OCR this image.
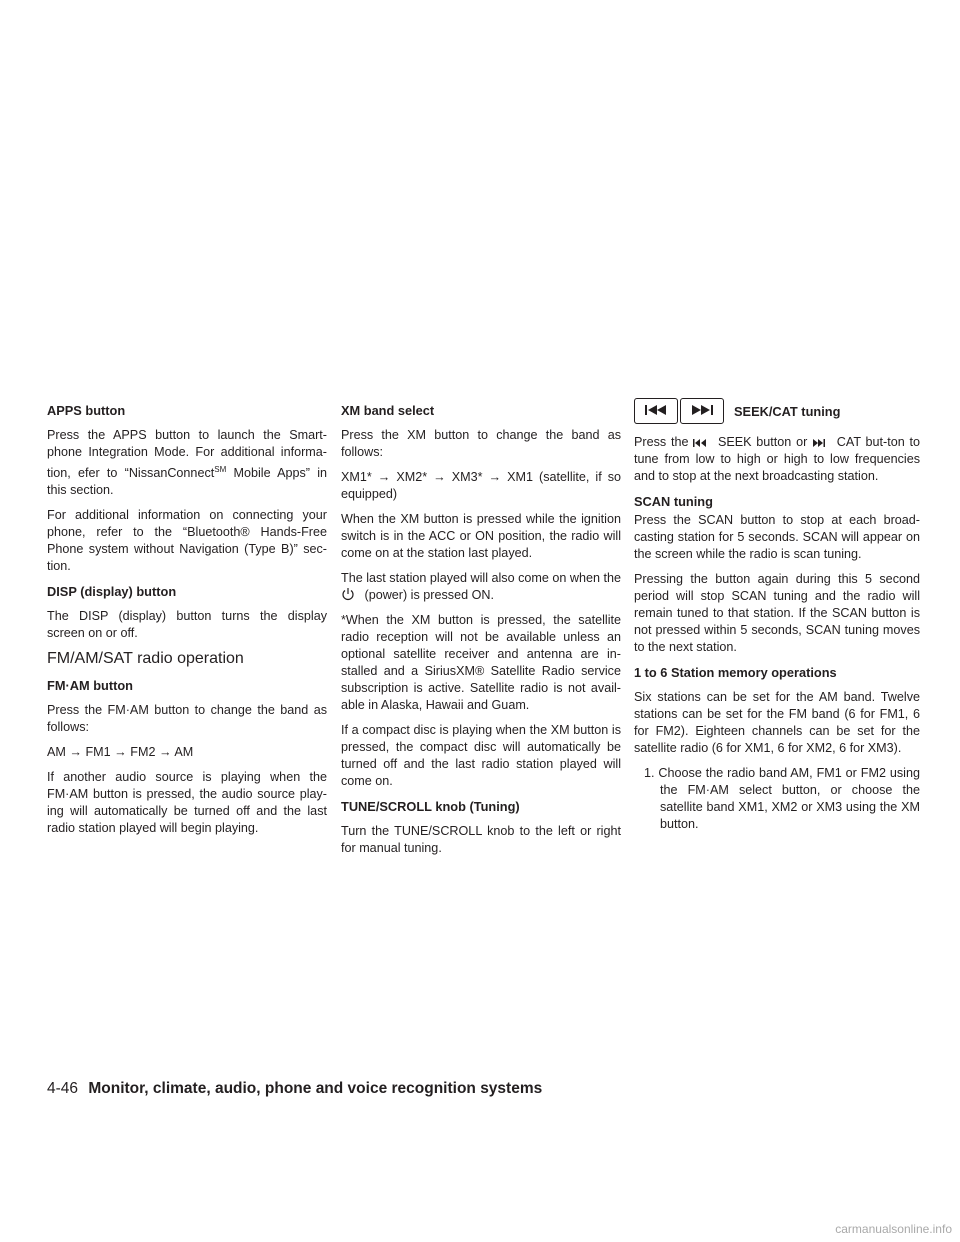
APPS button

Press the APPS button to launch the Smart-phone Integration Mode. For additional informa-tion, efer to “NissanConnect℠ Mobile Apps” in this section.

For additional information on connecting your phone, refer to the “Bluetooth® Hands-Free Phone system without Navigation (Type B)” sec-tion.

DISP (display) button

The DISP (display) button turns the display screen on or off.

FM/AM/SAT radio operation
FM·AM button

Press the FM·AM button to change the band as follows:

AM → FM1 → FM2 → AM

If another audio source is playing when the FM·AM button is pressed, the audio source play-ing will automatically be turned off and the last radio station played will begin playing.

XM band select

Press the XM button to change the band as follows:

XM1* → XM2* → XM3* → XM1 (satellite, if so equipped)

When the XM button is pressed while the ignition switch is in the ACC or ON position, the radio will come on at the station last played.

The last station played will also come on when the  (power) is pressed ON.

*When the XM button is pressed, the satellite radio reception will not be available unless an optional satellite receiver and antenna are in-stalled and a SiriusXM® Satellite Radio service subscription is active. Satellite radio is not avail-able in Alaska, Hawaii and Guam.

If a compact disc is playing when the XM button is pressed, the compact disc will automatically be turned off and the last radio station played will come on.

TUNE/SCROLL knob (Tuning)

Turn the TUNE/SCROLL knob to the left or right for manual tuning.

SEEK/CAT tuning

Press the SEEK button or CAT but-ton to tune from low to high or high to low frequencies and to stop at the next broadcasting station.

SCAN tuning

Press the SCAN button to stop at each broad-casting station for 5 seconds. SCAN will appear on the screen while the radio is scan tuning.

Pressing the button again during this 5 second period will stop SCAN tuning and the radio will remain tuned to that station. If the SCAN button is not pressed within 5 seconds, SCAN tuning moves to the next station.

1 to 6 Station memory operations

Six stations can be set for the AM band. Twelve stations can be set for the FM band (6 for FM1, 6 for FM2). Eighteen channels can be set for the satellite radio (6 for XM1, 6 for XM2, 6 for XM3).

1. Choose the radio band AM, FM1 or FM2 using the FM·AM select button, or choose the satellite band XM1, XM2 or XM3 using the XM button.

4-46 Monitor, climate, audio, phone and voice recognition systems
carmanualsonline.info
